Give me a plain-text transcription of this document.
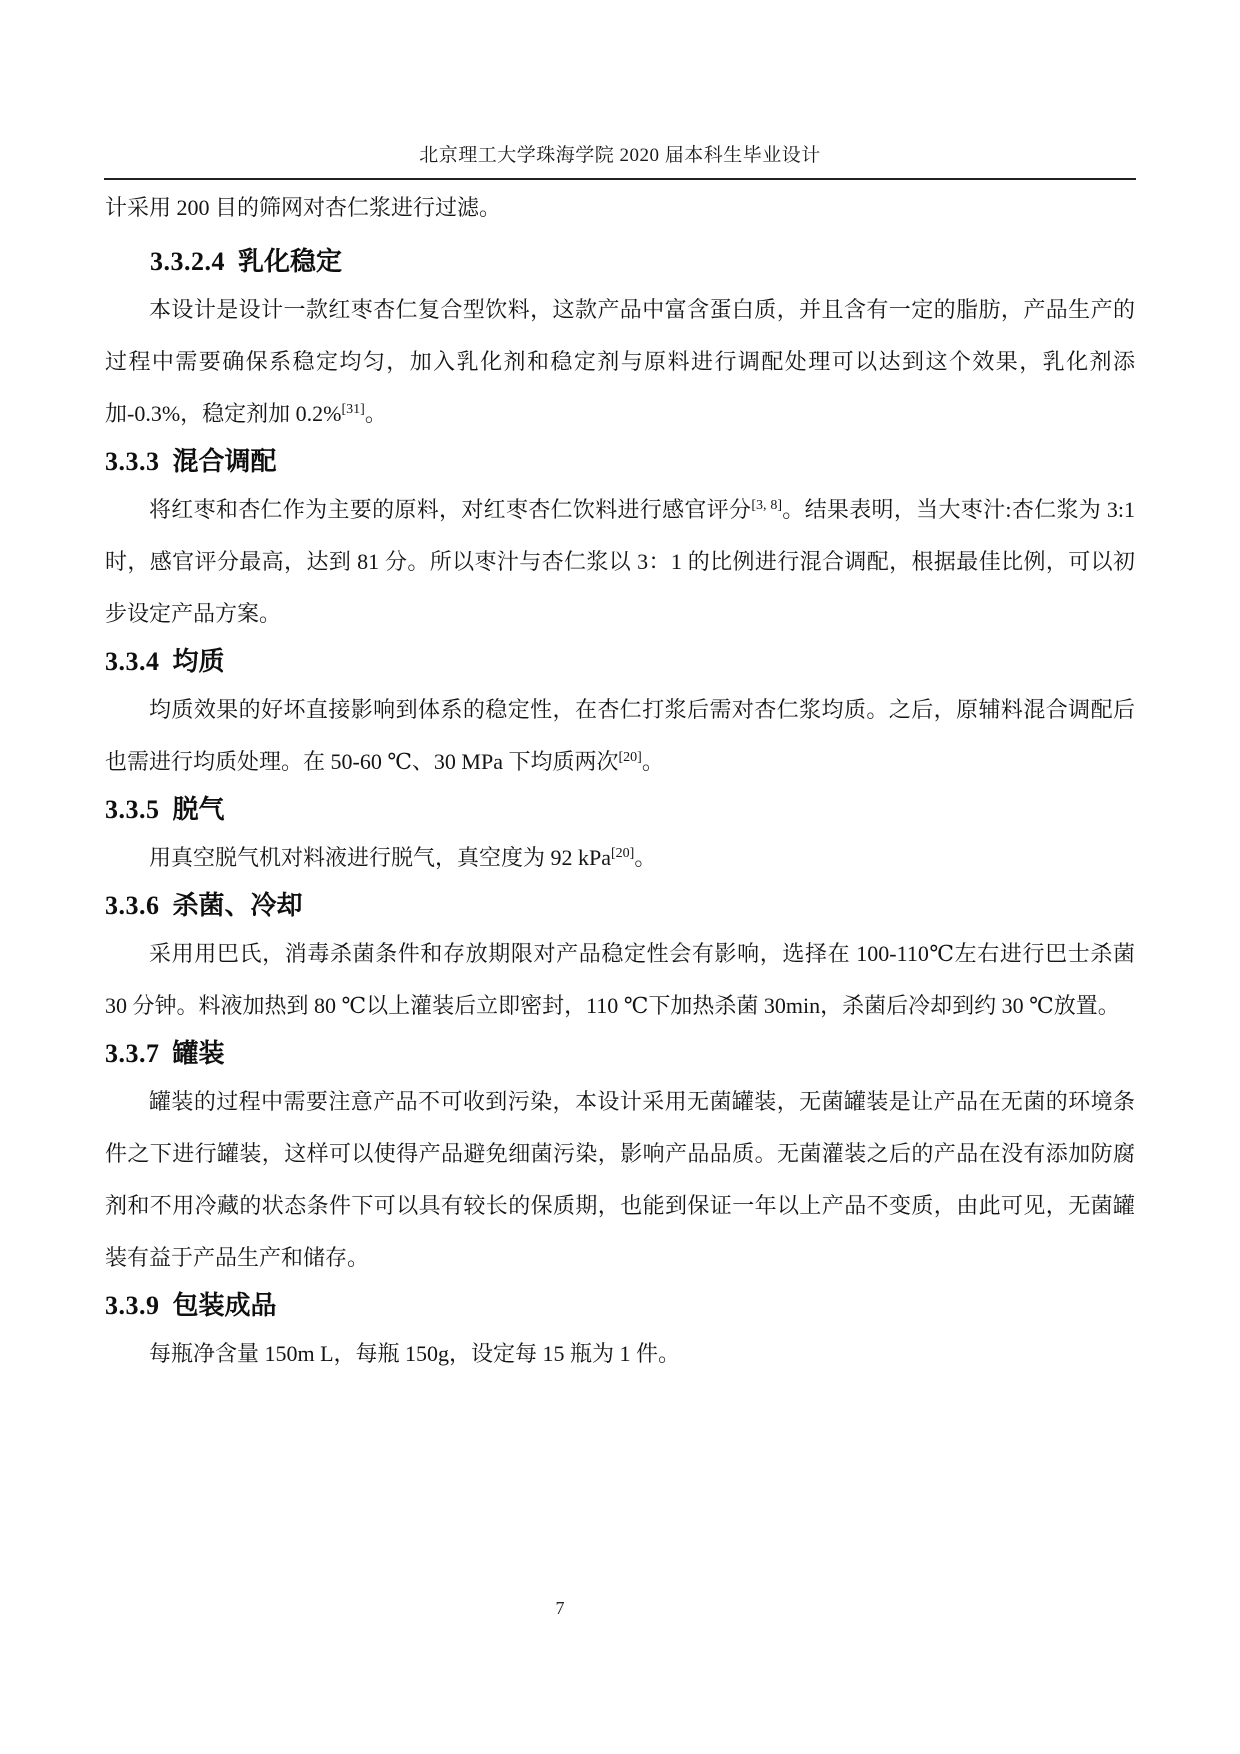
北京理工大学珠海学院 2020 届本科生毕业设计

计采用 200 目的筛网对杏仁浆进行过滤。

3.3.2.4 乳化稳定

本设计是设计一款红枣杏仁复合型饮料，这款产品中富含蛋白质，并且含有一定的脂肪，产品生产的过程中需要确保系稳定均匀，加入乳化剂和稳定剂与原料进行调配处理可以达到这个效果，乳化剂添加-0.3%，稳定剂加 0.2%[31]。

3.3.3 混合调配

将红枣和杏仁作为主要的原料，对红枣杏仁饮料进行感官评分[3, 8]。结果表明，当大枣汁:杏仁浆为 3:1 时，感官评分最高，达到 81 分。所以枣汁与杏仁浆以 3：1 的比例进行混合调配，根据最佳比例，可以初步设定产品方案。

3.3.4 均质

均质效果的好坏直接影响到体系的稳定性，在杏仁打浆后需对杏仁浆均质。之后，原辅料混合调配后也需进行均质处理。在 50-60 ℃、30 MPa 下均质两次[20]。

3.3.5 脱气

用真空脱气机对料液进行脱气，真空度为 92 kPa[20]。

3.3.6 杀菌、冷却

采用用巴氏，消毒杀菌条件和存放期限对产品稳定性会有影响，选择在 100-110℃左右进行巴士杀菌 30 分钟。料液加热到 80 ℃以上灌装后立即密封，110 ℃下加热杀菌 30min，杀菌后冷却到约 30 ℃放置。

3.3.7 罐装

罐装的过程中需要注意产品不可收到污染，本设计采用无菌罐装，无菌罐装是让产品在无菌的环境条件之下进行罐装，这样可以使得产品避免细菌污染，影响产品品质。无菌灌装之后的产品在没有添加防腐剂和不用冷藏的状态条件下可以具有较长的保质期，也能到保证一年以上产品不变质，由此可见，无菌罐装有益于产品生产和储存。

3.3.9 包装成品

每瓶净含量 150m L，每瓶 150g，设定每 15 瓶为 1 件。

7
